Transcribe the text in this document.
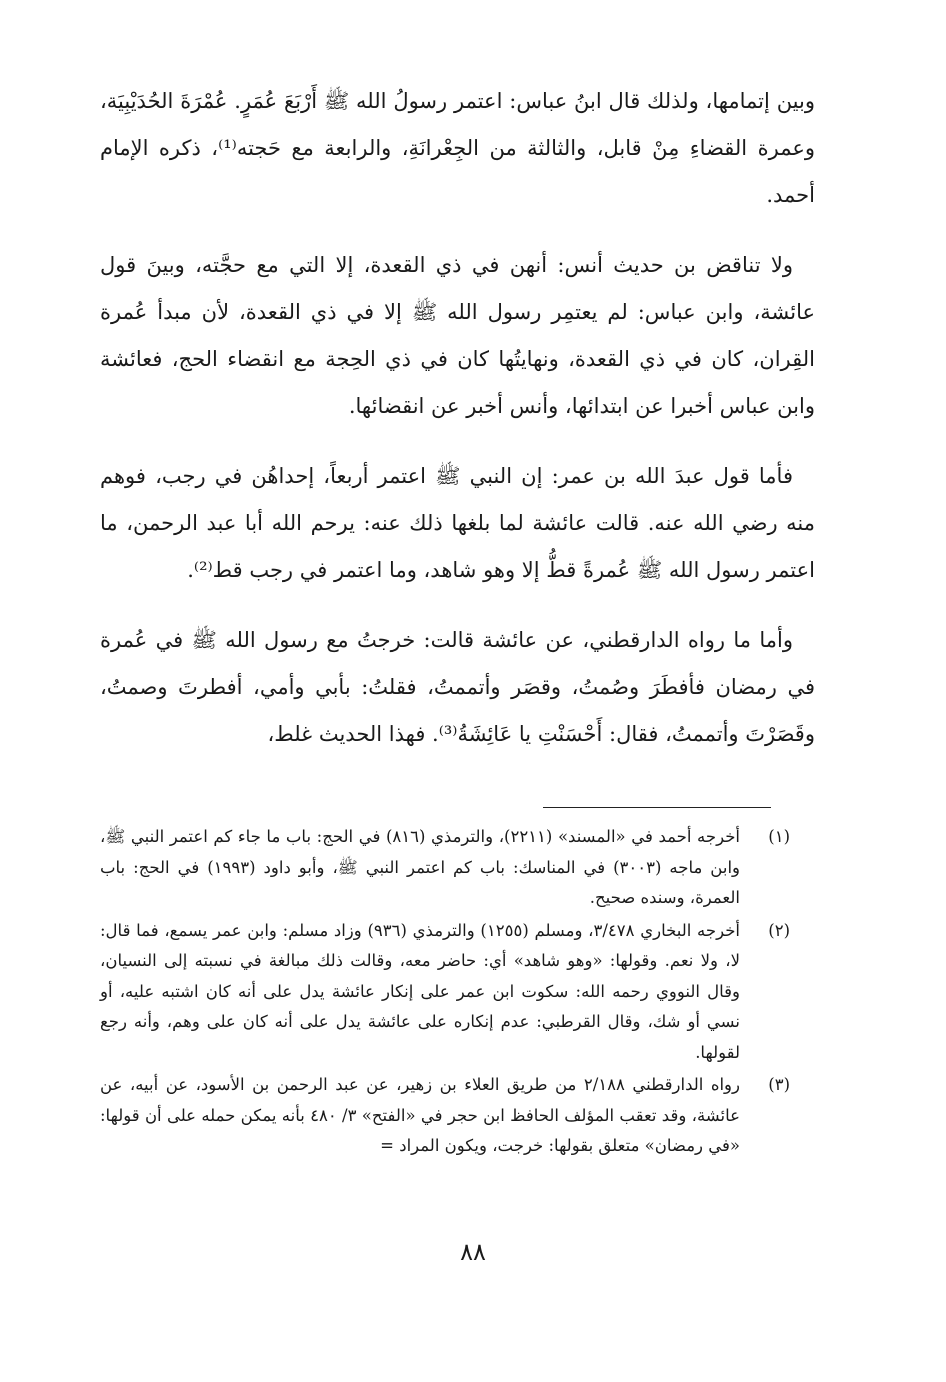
وبين إتمامها، ولذلك قال ابنُ عباس: اعتمر رسولُ الله ﷺ أَرْبَعَ عُمَرٍ. عُمْرَةَ الحُدَيْبِيَة، وعمرة القضاءِ مِنْ قابل، والثالثة من الجِعْرانَةِ، والرابعة مع حَجته⁽¹⁾، ذكره الإمام أحمد.

ولا تناقض بن حديث أنس: أنهن في ذي القعدة، إلا التي مع حجَّته، وبينَ قول عائشة، وابن عباس: لم يعتمِر رسول الله ﷺ إلا في ذي القعدة، لأن مبدأ عُمرة القِران، كان في ذي القعدة، ونهايتُها كان في ذي الحِجة مع انقضاء الحج، فعائشة وابن عباس أخبرا عن ابتدائها، وأنس أخبر عن انقضائها.

فأما قول عبدَ الله بن عمر: إن النبي ﷺ اعتمر أربعاً، إحداهُن في رجب، فوهم منه رضي الله عنه. قالت عائشة لما بلغها ذلك عنه: يرحم الله أبا عبد الرحمن، ما اعتمر رسول الله ﷺ عُمرةً قطُّ إلا وهو شاهد، وما اعتمر في رجب قط⁽²⁾.

وأما ما رواه الدارقطني، عن عائشة قالت: خرجتُ مع رسول الله ﷺ في عُمرة في رمضان فأفطَرَ وصُمتُ، وقصَر وأتممتُ، فقلتُ: بأبي وأمي، أفطرتَ وصمتُ، وقَصَرْتَ وأتممتُ، فقال: أَحْسَنْتِ يا عَائِشَةُ⁽³⁾. فهذا الحديث غلط،

(١)
أخرجه أحمد في «المسند» (٢٢١١)، والترمذي (٨١٦) في الحج: باب ما جاء كم اعتمر النبي ﷺ، وابن ماجه (٣٠٠٣) في المناسك: باب كم اعتمر النبي ﷺ، وأبو داود (١٩٩٣) في الحج: باب العمرة، وسنده صحيح.
(٢)
أخرجه البخاري ٣/٤٧٨، ومسلم (١٢٥٥) والترمذي (٩٣٦) وزاد مسلم: وابن عمر يسمع، فما قال: لا، ولا نعم. وقولها: «وهو شاهد» أي: حاضر معه، وقالت ذلك مبالغة في نسبته إلى النسيان، وقال النووي رحمه الله: سكوت ابن عمر على إنكار عائشة يدل على أنه كان اشتبه عليه، أو نسي أو شك، وقال القرطبي: عدم إنكاره على عائشة يدل على أنه كان على وهم، وأنه رجع لقولها.
(٣)
رواه الدارقطني ٢/١٨٨ من طريق العلاء بن زهير، عن عبد الرحمن بن الأسود، عن أبيه، عن عائشة، وقد تعقب المؤلف الحافظ ابن حجر في «الفتح» ٣/ ٤٨٠ بأنه يمكن حمله على أن قولها: «في رمضان» متعلق بقولها: خرجت، ويكون المراد =
٨٨
